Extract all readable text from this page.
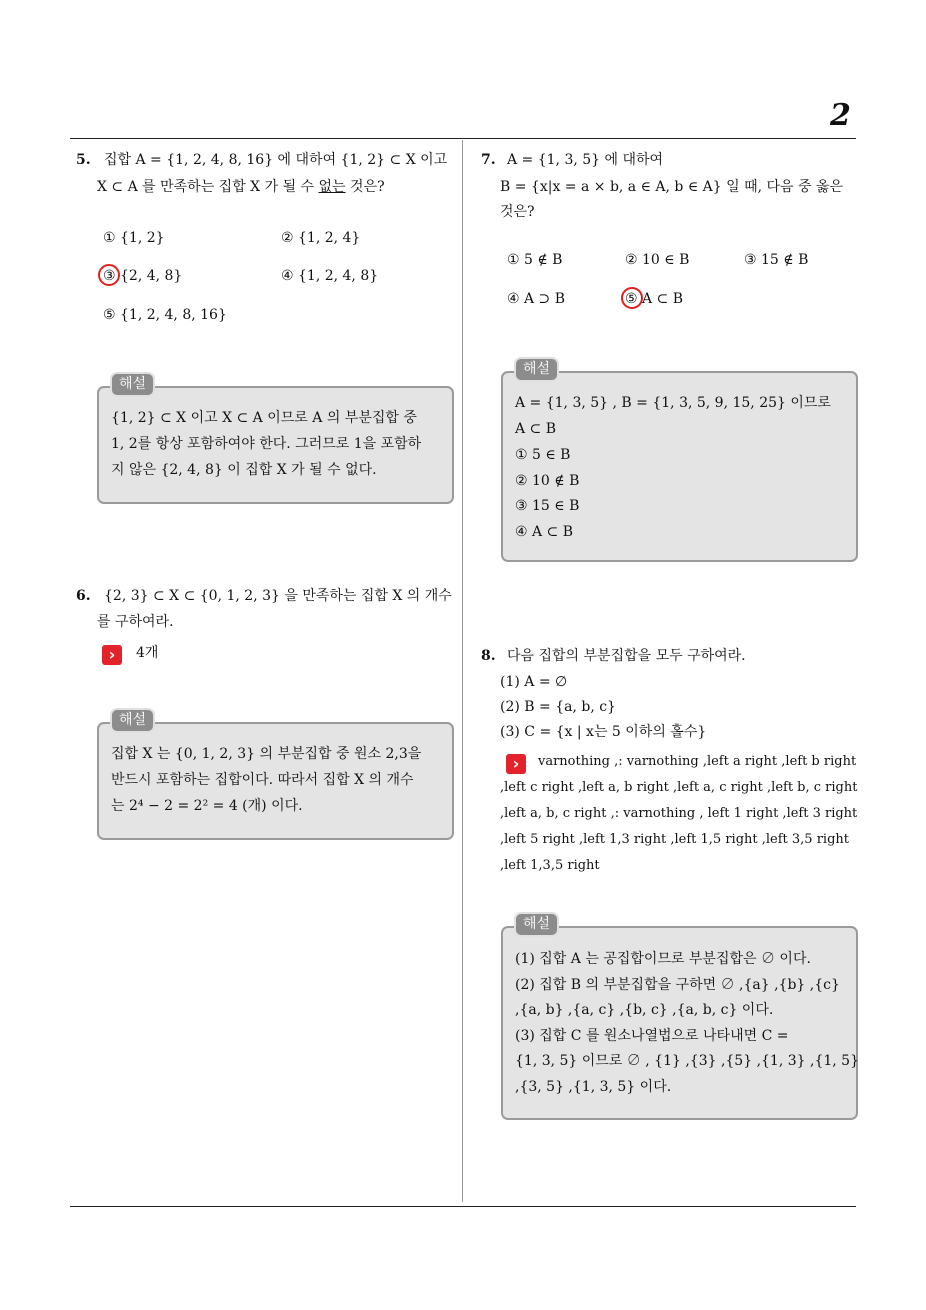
2
5. 집합 A = {1, 2, 4, 8, 16} 에 대하여 {1, 2} ⊂ X 이고
X ⊂ A 를 만족하는 집합 X 가 될 수 없는 것은?
① {1, 2}	② {1, 2, 4}
③ {2, 4, 8}	④ {1, 2, 4, 8}
⑤ {1, 2, 4, 8, 16}
해설
{1, 2} ⊂ X 이고 X ⊂ A 이므로 A 의 부분집합 중
1, 2를 항상 포함하여야 한다. 그러므로 1을 포함하
지 않은 {2, 4, 8} 이 집합 X 가 될 수 없다.
6. {2, 3} ⊂ X ⊂ {0, 1, 2, 3} 을 만족하는 집합 X 의 개수
를 구하여라.
›	4개
해설
집합 X 는 {0, 1, 2, 3} 의 부분집합 중 원소 2,3을
반드시 포함하는 집합이다. 따라서 집합 X 의 개수
는 2⁴ − 2 = 2² = 4 (개) 이다.
7. A = {1, 3, 5} 에 대하여
B = {x|x = a × b, a ∈ A, b ∈ A} 일 때, 다음 중 옳은
것은?
① 5 ∉ B	② 10 ∈ B	③ 15 ∉ B
④ A ⊃ B	⑤ A ⊂ B
해설
A = {1, 3, 5} , B = {1, 3, 5, 9, 15, 25} 이므로
A ⊂ B
① 5 ∈ B
② 10 ∉ B
③ 15 ∈ B
④ A ⊂ B
8. 다음 집합의 부분집합을 모두 구하여라.
(1) A = ∅
(2) B = {a, b, c}
(3) C = {x | x는 5 이하의 홀수}
›	varnothing ,: varnothing ,left a right ,left b right
,left c right ,left a, b right ,left a, c right ,left b, c right
,left a, b, c right ,: varnothing , left 1 right ,left 3 right
,left 5 right ,left 1,3 right ,left 1,5 right ,left 3,5 right
,left 1,3,5 right
해설
(1) 집합 A 는 공집합이므로 부분집합은 ∅ 이다.
(2) 집합 B 의 부분집합을 구하면 ∅ ,{a} ,{b} ,{c}
,{a, b} ,{a, c} ,{b, c} ,{a, b, c} 이다.
(3) 집합 C 를 원소나열법으로 나타내면 C =
{1, 3, 5} 이므로 ∅ , {1} ,{3} ,{5} ,{1, 3} ,{1, 5}
,{3, 5} ,{1, 3, 5} 이다.
